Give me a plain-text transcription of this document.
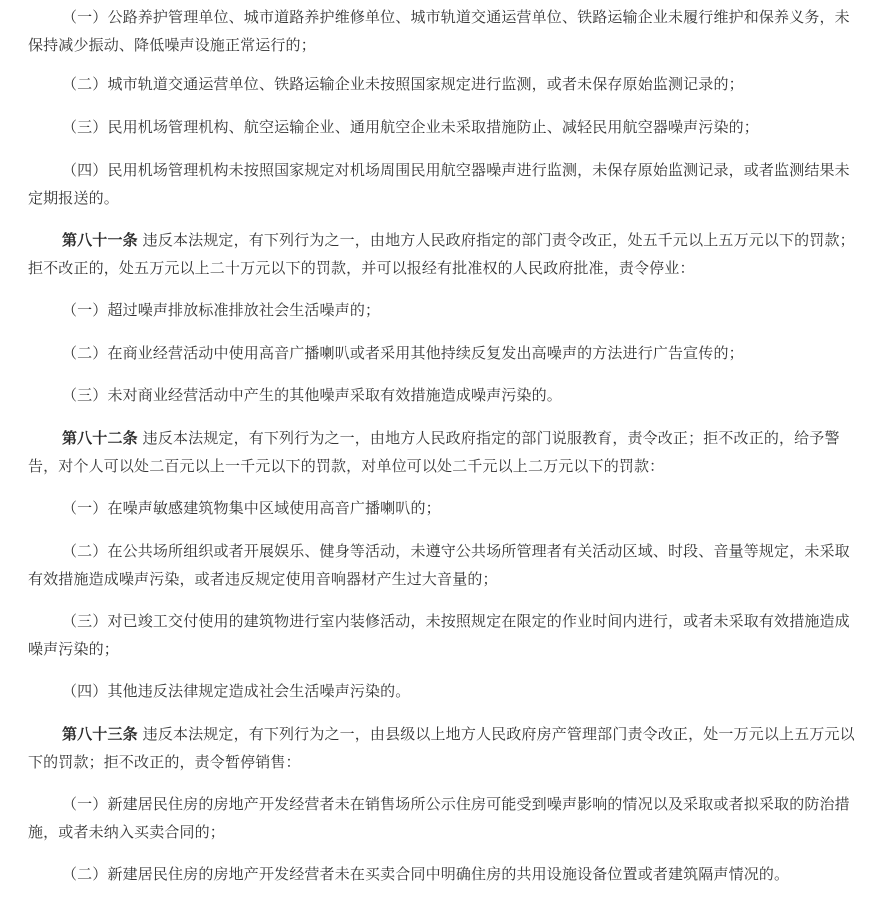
（一）公路养护管理单位、城市道路养护维修单位、城市轨道交通运营单位、铁路运输企业未履行维护和保养义务，未保持减少振动、降低噪声设施正常运行的；

（二）城市轨道交通运营单位、铁路运输企业未按照国家规定进行监测，或者未保存原始监测记录的；

（三）民用机场管理机构、航空运输企业、通用航空企业未采取措施防止、减轻民用航空器噪声污染的；

（四）民用机场管理机构未按照国家规定对机场周围民用航空器噪声进行监测，未保存原始监测记录，或者监测结果未定期报送的。

第八十一条 违反本法规定，有下列行为之一，由地方人民政府指定的部门责令改正，处五千元以上五万元以下的罚款；拒不改正的，处五万元以上二十万元以下的罚款，并可以报经有批准权的人民政府批准，责令停业：

（一）超过噪声排放标准排放社会生活噪声的；

（二）在商业经营活动中使用高音广播喇叭或者采用其他持续反复发出高噪声的方法进行广告宣传的；

（三）未对商业经营活动中产生的其他噪声采取有效措施造成噪声污染的。

第八十二条 违反本法规定，有下列行为之一，由地方人民政府指定的部门说服教育，责令改正；拒不改正的，给予警告，对个人可以处二百元以上一千元以下的罚款，对单位可以处二千元以上二万元以下的罚款：

（一）在噪声敏感建筑物集中区域使用高音广播喇叭的；

（二）在公共场所组织或者开展娱乐、健身等活动，未遵守公共场所管理者有关活动区域、时段、音量等规定，未采取有效措施造成噪声污染，或者违反规定使用音响器材产生过大音量的；

（三）对已竣工交付使用的建筑物进行室内装修活动，未按照规定在限定的作业时间内进行，或者未采取有效措施造成噪声污染的；

（四）其他违反法律规定造成社会生活噪声污染的。

第八十三条 违反本法规定，有下列行为之一，由县级以上地方人民政府房产管理部门责令改正，处一万元以上五万元以下的罚款；拒不改正的，责令暂停销售：

（一）新建居民住房的房地产开发经营者未在销售场所公示住房可能受到噪声影响的情况以及采取或者拟采取的防治措施，或者未纳入买卖合同的；

（二）新建居民住房的房地产开发经营者未在买卖合同中明确住房的共用设施设备位置或者建筑隔声情况的。
